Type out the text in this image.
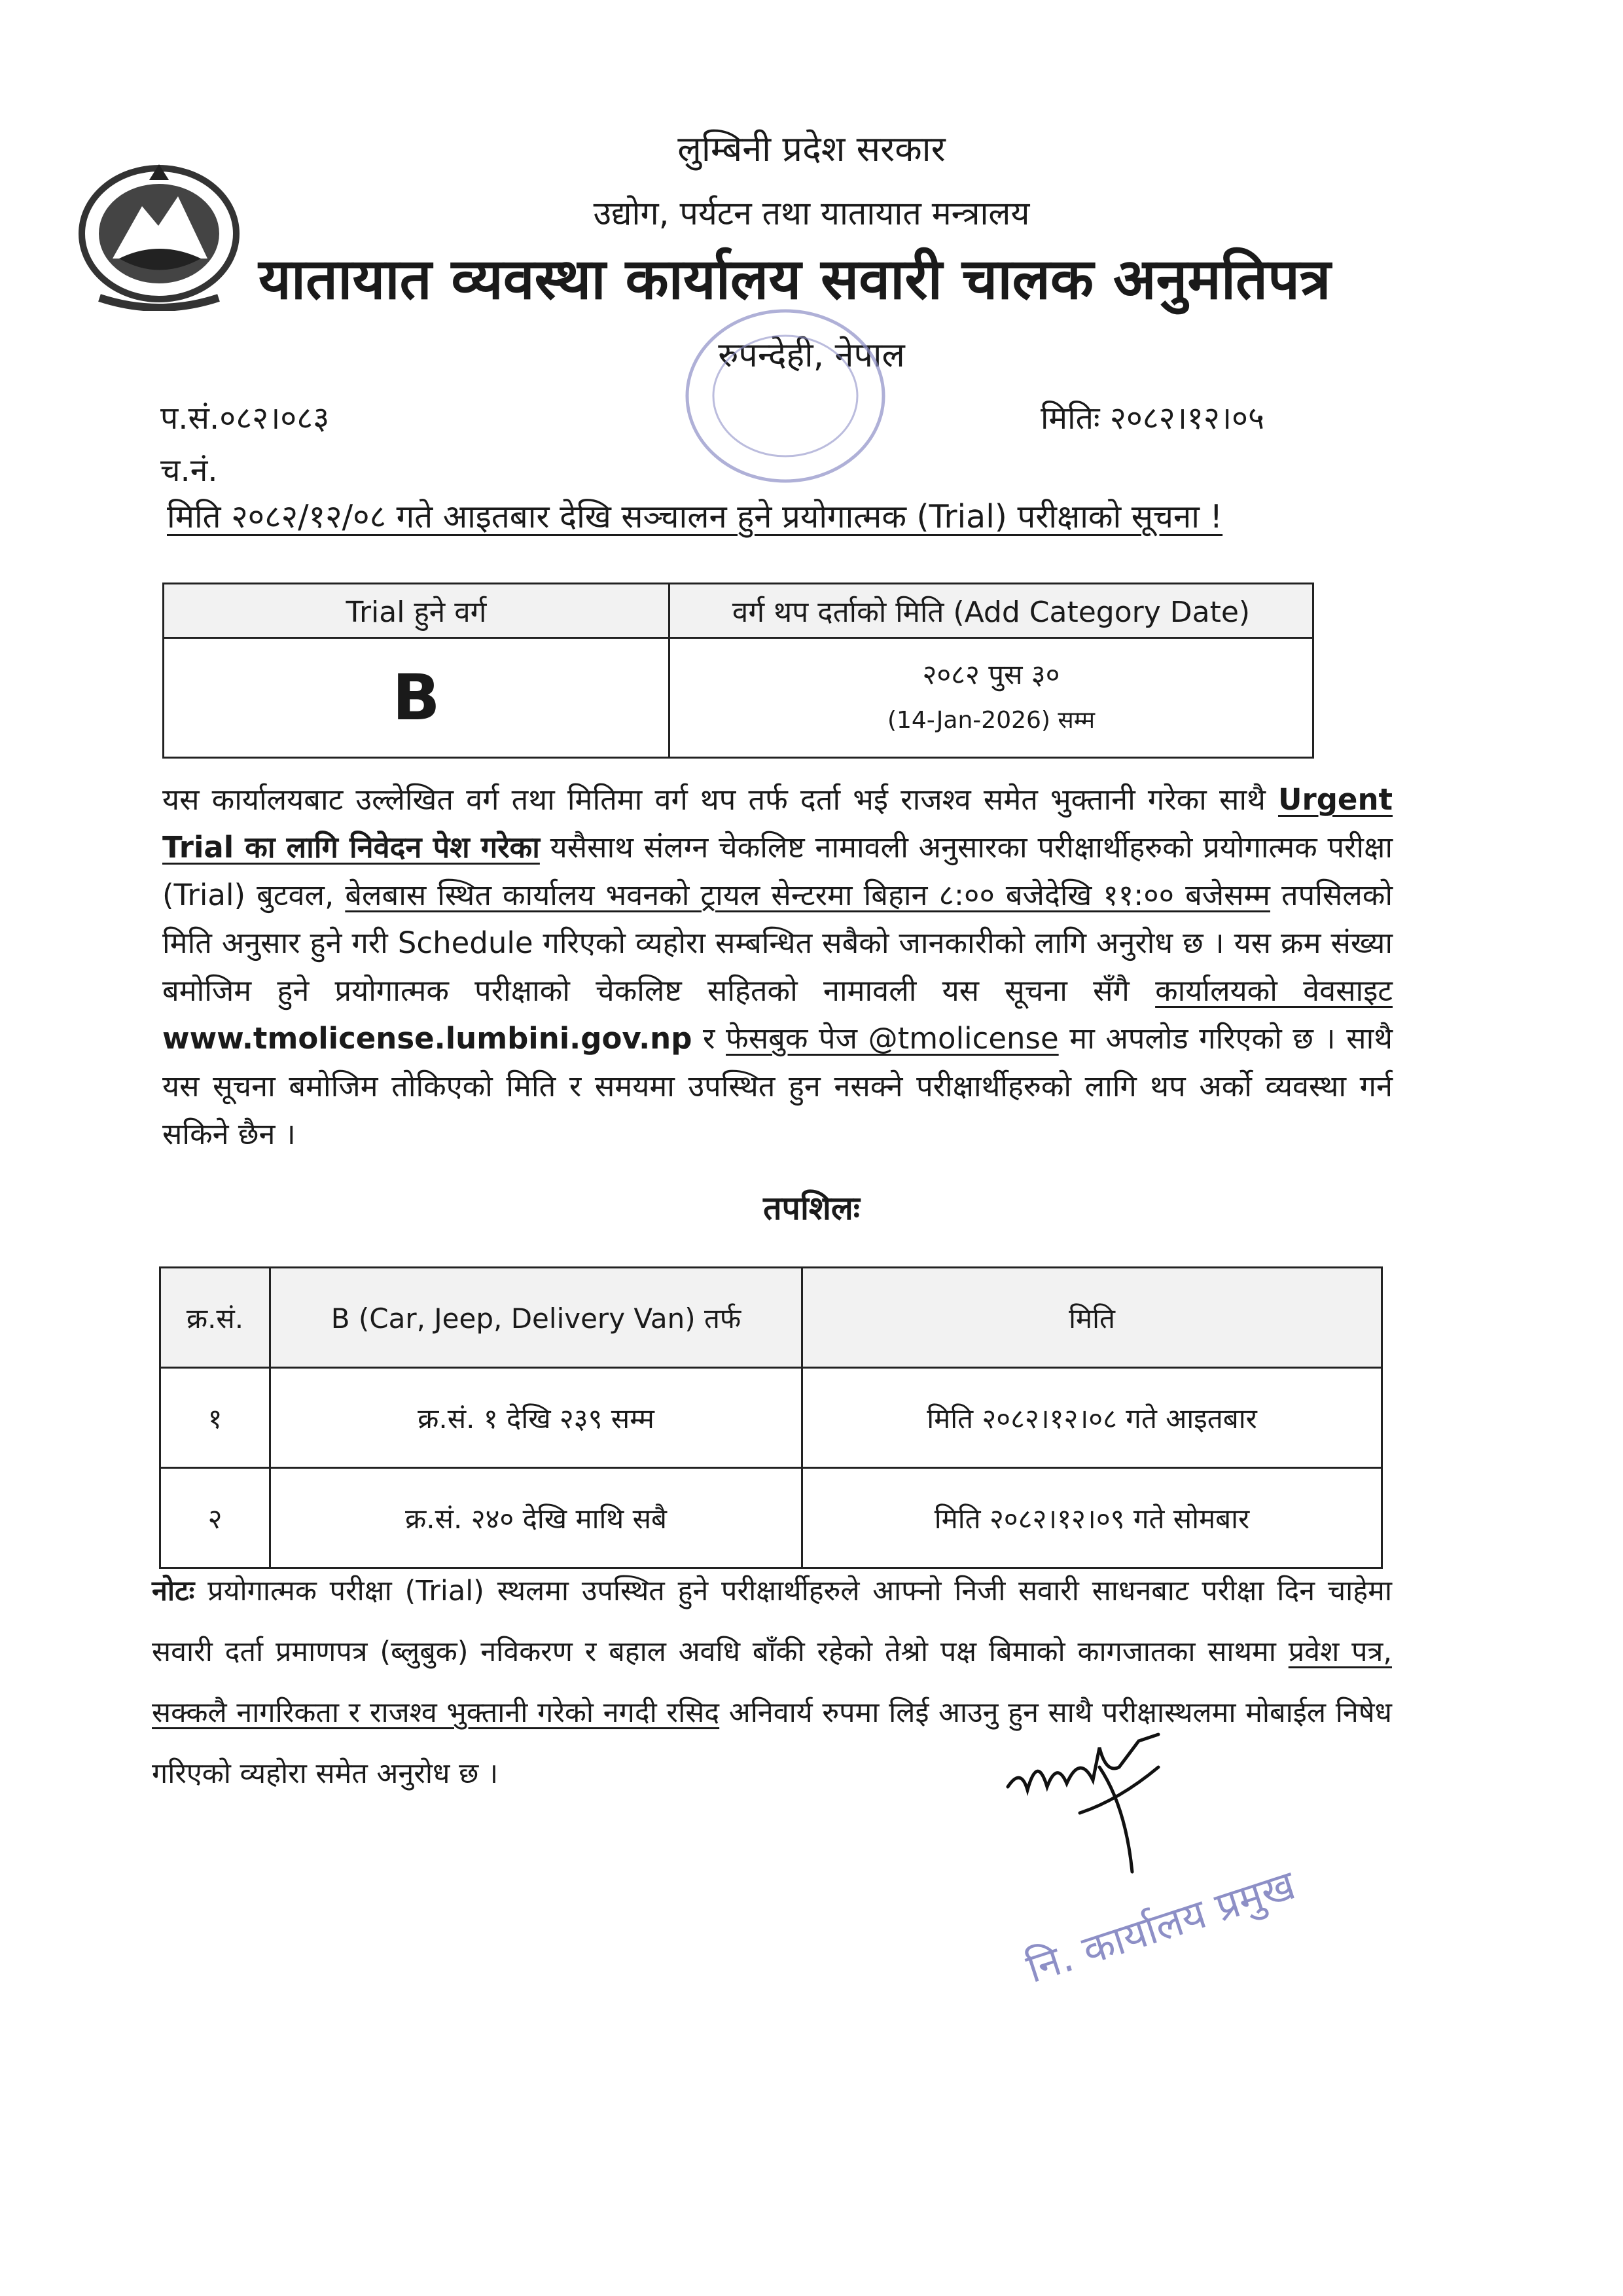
लुम्बिनी प्रदेश सरकार
उद्योग, पर्यटन तथा यातायात मन्त्रालय
यातायात व्यवस्था कार्यालय सवारी चालक अनुमतिपत्र
रुपन्देही, नेपाल
प.सं.०८२।०८३
च.नं.
मितिः २०८२।१२।०५
मिति २०८२/१२/०८ गते आइतबार देखि सञ्चालन हुने प्रयोगात्मक (Trial) परीक्षाको सूचना !
Trial हुने वर्ग	वर्ग थप दर्ताको मिति (Add Category Date)
B	२०८२ पुस ३०
(14-Jan-2026) सम्म
यस कार्यालयबाट उल्लेखित वर्ग तथा मितिमा वर्ग थप तर्फ दर्ता भई राजश्व समेत भुक्तानी गरेका साथै Urgent Trial का लागि निवेदन पेश गरेका यसैसाथ संलग्न चेकलिष्ट नामावली अनुसारका परीक्षार्थीहरुको प्रयोगात्मक परीक्षा (Trial) बुटवल, बेलबास स्थित कार्यालय भवनको ट्रायल सेन्टरमा बिहान ८:०० बजेदेखि ११:०० बजेसम्म तपसिलको मिति अनुसार हुने गरी Schedule गरिएको व्यहोरा सम्बन्धित सबैको जानकारीको लागि अनुरोध छ । यस क्रम संख्या बमोजिम हुने प्रयोगात्मक परीक्षाको चेकलिष्ट सहितको नामावली यस सूचना सँगै कार्यालयको वेवसाइट www.tmolicense.lumbini.gov.np र फेसबुक पेज @tmolicense मा अपलोड गरिएको छ । साथै यस सूचना बमोजिम तोकिएको मिति र समयमा उपस्थित हुन नसक्ने परीक्षार्थीहरुको लागि थप अर्को व्यवस्था गर्न सकिने छैन ।
तपशिलः
क्र.सं.	B (Car, Jeep, Delivery Van) तर्फ	मिति
१	क्र.सं. १ देखि २३९ सम्म	मिति २०८२।१२।०८ गते आइतबार
२	क्र.सं. २४० देखि माथि सबै	मिति २०८२।१२।०९ गते सोमबार
नोटः प्रयोगात्मक परीक्षा (Trial) स्थलमा उपस्थित हुने परीक्षार्थीहरुले आफ्नो निजी सवारी साधनबाट परीक्षा दिन चाहेमा सवारी दर्ता प्रमाणपत्र (ब्लुबुक) नविकरण र बहाल अवधि बाँकी रहेको तेश्रो पक्ष बिमाको कागजातका साथमा प्रवेश पत्र, सक्कलै नागरिकता र राजश्व भुक्तानी गरेको नगदी रसिद अनिवार्य रुपमा लिई आउनु हुन साथै परीक्षास्थलमा मोबाईल निषेध गरिएको व्यहोरा समेत अनुरोध छ ।
नि. कार्यालय प्रमुख
